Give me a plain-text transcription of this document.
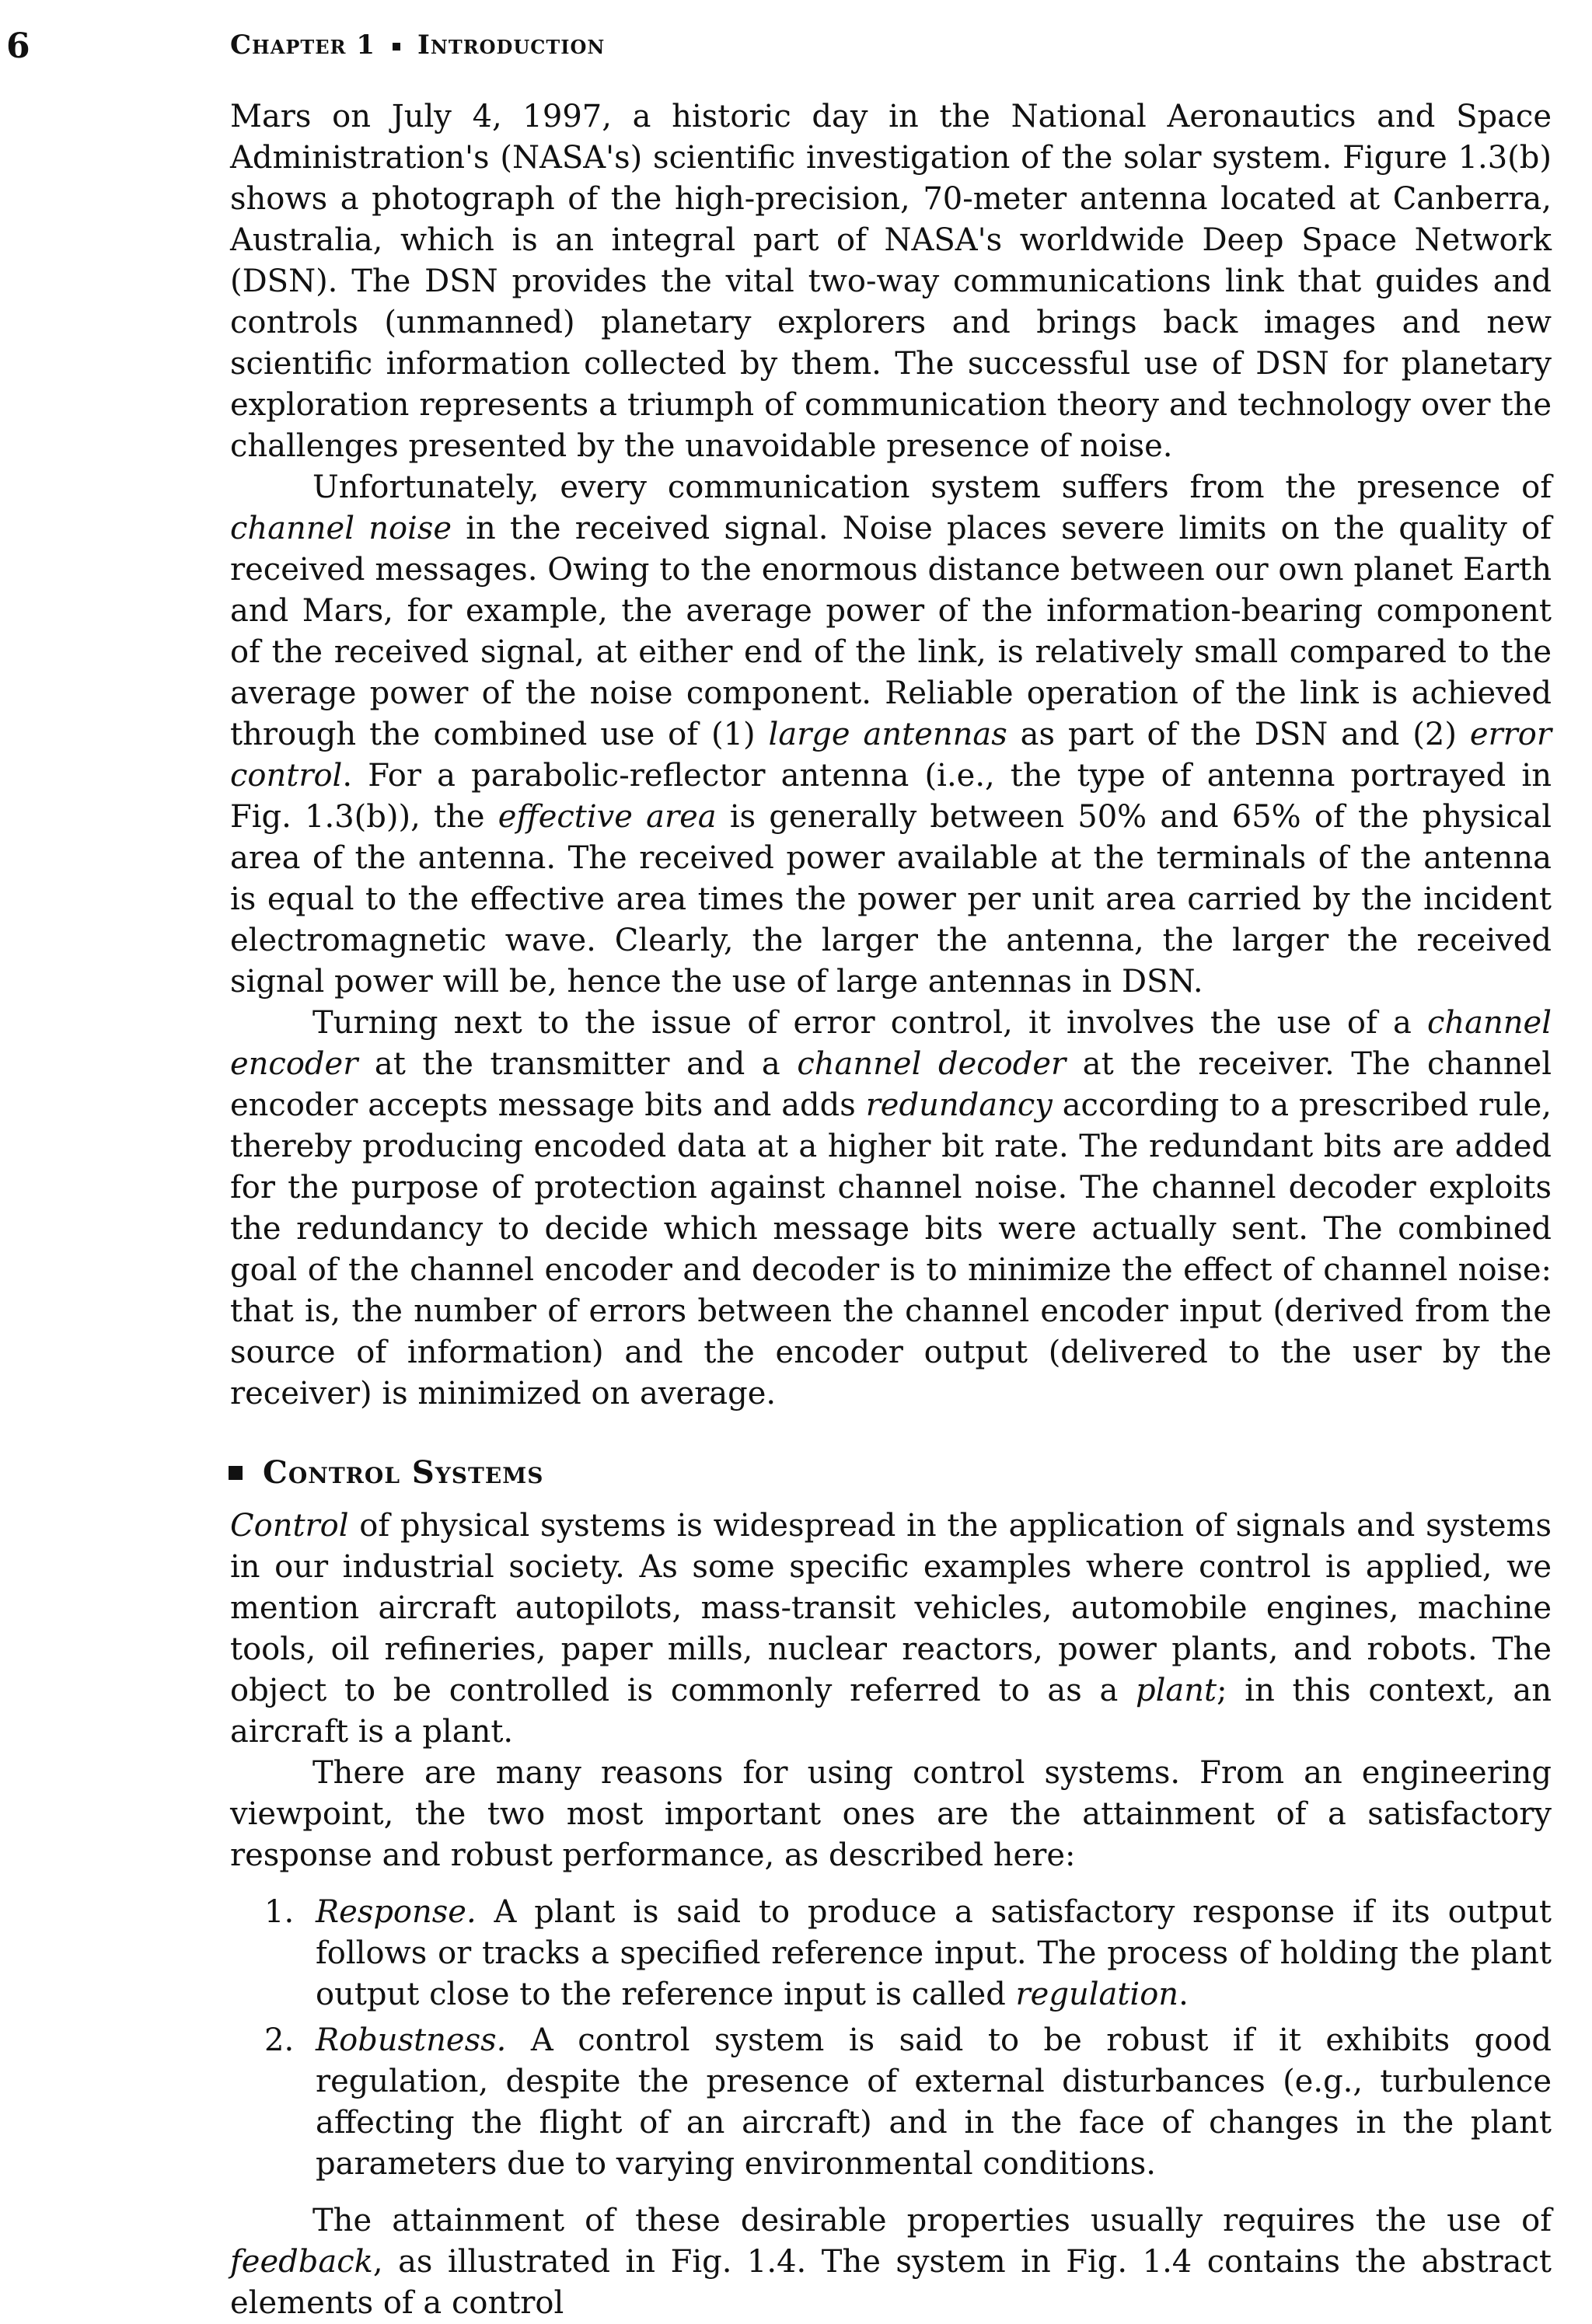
6	Chapter 1 Introduction

Mars on July 4, 1997, a historic day in the National Aeronautics and Space Administration's (NASA's) scientific investigation of the solar system. Figure 1.3(b) shows a photograph of the high-precision, 70-meter antenna located at Canberra, Australia, which is an integral part of NASA's worldwide Deep Space Network (DSN). The DSN provides the vital two-way communications link that guides and controls (unmanned) planetary explorers and brings back images and new scientific information collected by them. The successful use of DSN for planetary exploration represents a triumph of communication theory and technology over the challenges presented by the unavoidable presence of noise.

Unfortunately, every communication system suffers from the presence of channel noise in the received signal. Noise places severe limits on the quality of received messages. Owing to the enormous distance between our own planet Earth and Mars, for example, the average power of the information-bearing component of the received signal, at either end of the link, is relatively small compared to the average power of the noise component. Reliable operation of the link is achieved through the combined use of (1) large antennas as part of the DSN and (2) error control. For a parabolic-reflector antenna (i.e., the type of antenna portrayed in Fig. 1.3(b)), the effective area is generally between 50% and 65% of the physical area of the antenna. The received power available at the terminals of the antenna is equal to the effective area times the power per unit area carried by the incident electromagnetic wave. Clearly, the larger the antenna, the larger the received signal power will be, hence the use of large antennas in DSN.

Turning next to the issue of error control, it involves the use of a channel encoder at the transmitter and a channel decoder at the receiver. The channel encoder accepts message bits and adds redundancy according to a prescribed rule, thereby producing encoded data at a higher bit rate. The redundant bits are added for the purpose of protection against channel noise. The channel decoder exploits the redundancy to decide which message bits were actually sent. The combined goal of the channel encoder and decoder is to minimize the effect of channel noise: that is, the number of errors between the channel encoder input (derived from the source of information) and the encoder output (delivered to the user by the receiver) is minimized on average.

Control Systems

Control of physical systems is widespread in the application of signals and systems in our industrial society. As some specific examples where control is applied, we mention aircraft autopilots, mass-transit vehicles, automobile engines, machine tools, oil refineries, paper mills, nuclear reactors, power plants, and robots. The object to be controlled is commonly referred to as a plant; in this context, an aircraft is a plant.

There are many reasons for using control systems. From an engineering viewpoint, the two most important ones are the attainment of a satisfactory response and robust performance, as described here:

1. Response. A plant is said to produce a satisfactory response if its output follows or tracks a specified reference input. The process of holding the plant output close to the reference input is called regulation.
2. Robustness. A control system is said to be robust if it exhibits good regulation, despite the presence of external disturbances (e.g., turbulence affecting the flight of an aircraft) and in the face of changes in the plant parameters due to varying environmental conditions.

The attainment of these desirable properties usually requires the use of feedback, as illustrated in Fig. 1.4. The system in Fig. 1.4 contains the abstract elements of a control
